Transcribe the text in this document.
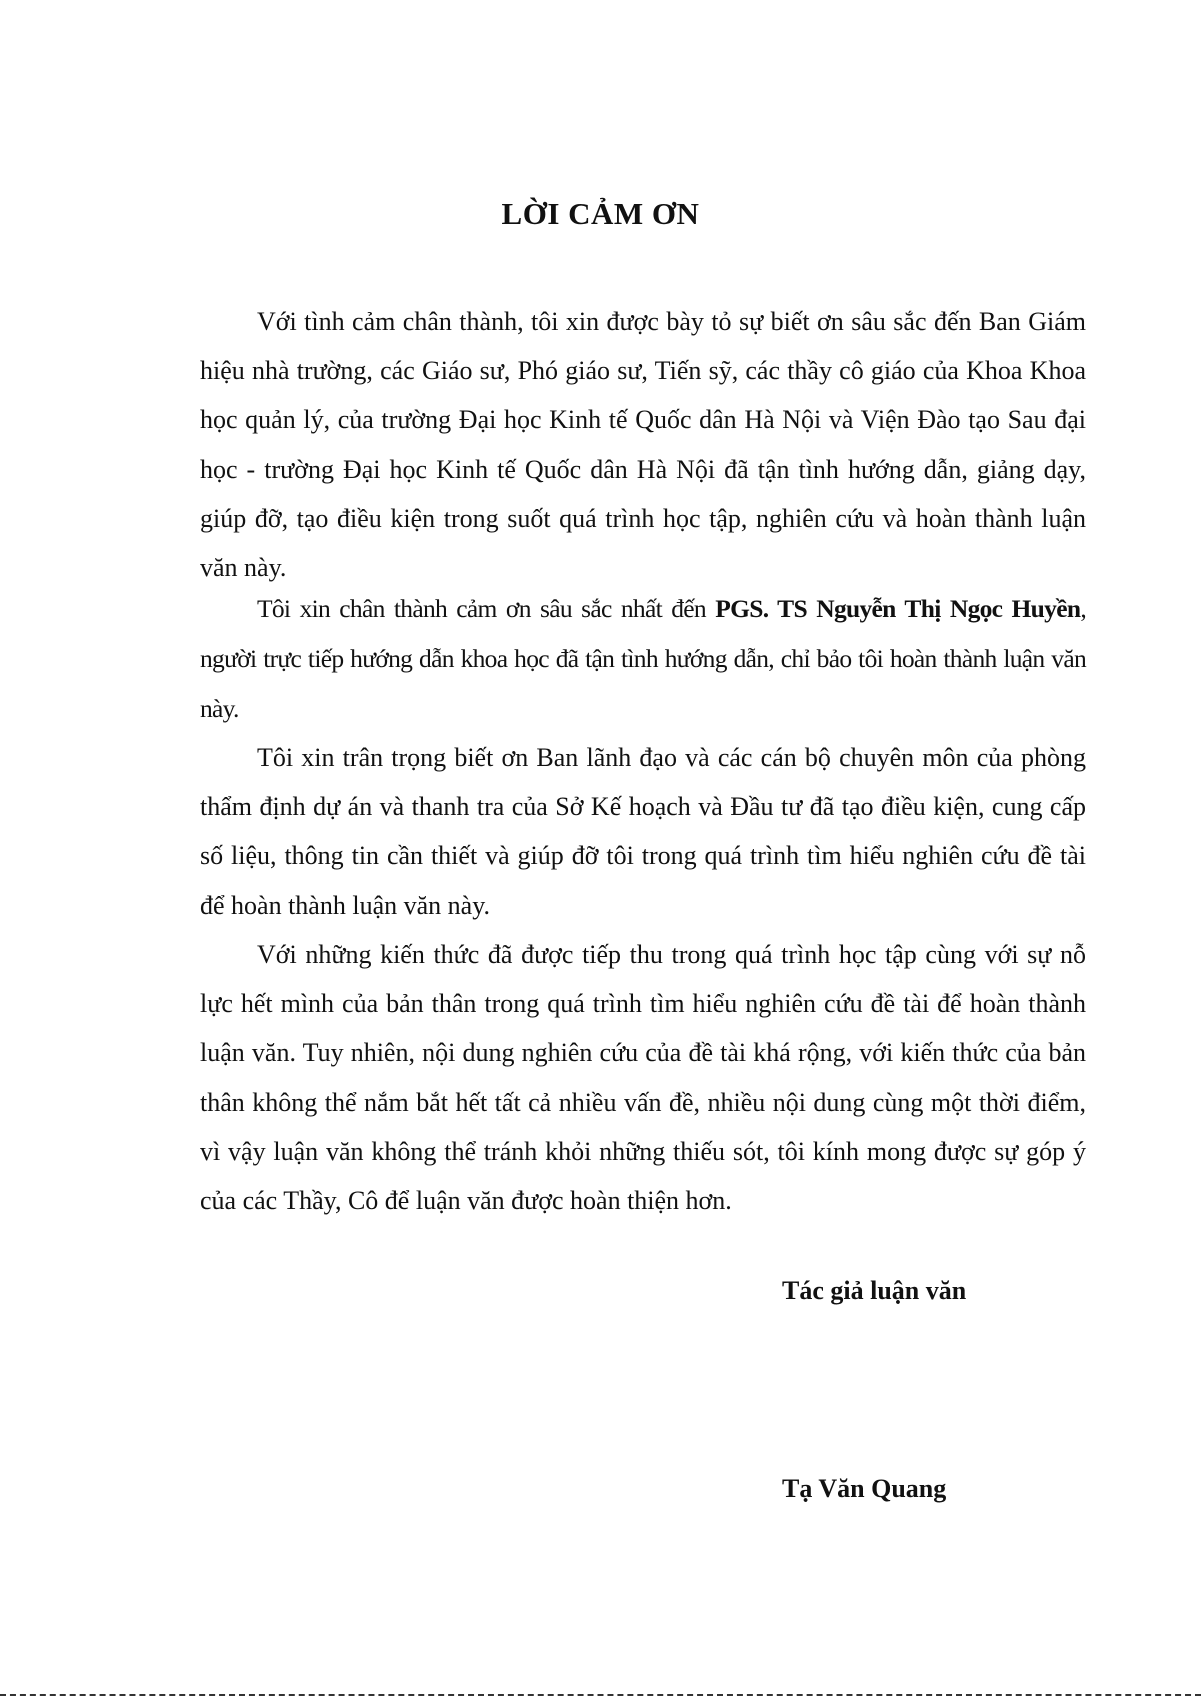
LỜI CẢM ƠN

Với tình cảm chân thành, tôi xin được bày tỏ sự biết ơn sâu sắc đến Ban Giám hiệu nhà trường, các Giáo sư, Phó giáo sư, Tiến sỹ, các thầy cô giáo của Khoa Khoa học quản lý, của trường Đại học Kinh tế Quốc dân Hà Nội và Viện Đào tạo Sau đại học - trường Đại học Kinh tế Quốc dân Hà Nội đã tận tình hướng dẫn, giảng dạy, giúp đỡ, tạo điều kiện trong suốt quá trình học tập, nghiên cứu và hoàn thành luận văn này.

Tôi xin chân thành cảm ơn sâu sắc nhất đến PGS. TS Nguyễn Thị Ngọc Huyền, người trực tiếp hướng dẫn khoa học đã tận tình hướng dẫn, chỉ bảo tôi hoàn thành luận văn này.

Tôi xin trân trọng biết ơn Ban lãnh đạo và các cán bộ chuyên môn của phòng thẩm định dự án và thanh tra của Sở Kế hoạch và Đầu tư đã tạo điều kiện, cung cấp số liệu, thông tin cần thiết và giúp đỡ tôi trong quá trình tìm hiểu nghiên cứu đề tài để hoàn thành luận văn này.

Với những kiến thức đã được tiếp thu trong quá trình học tập cùng với sự nỗ lực hết mình của bản thân trong quá trình tìm hiểu nghiên cứu đề tài để hoàn thành luận văn. Tuy nhiên, nội dung nghiên cứu của đề tài khá rộng, với kiến thức của bản thân không thể nắm bắt hết tất cả nhiều vấn đề, nhiều nội dung cùng một thời điểm, vì vậy luận văn không thể tránh khỏi những thiếu sót, tôi kính mong được sự góp ý của các Thầy, Cô để luận văn được hoàn thiện hơn.

Tác giả luận văn
Tạ Văn Quang
